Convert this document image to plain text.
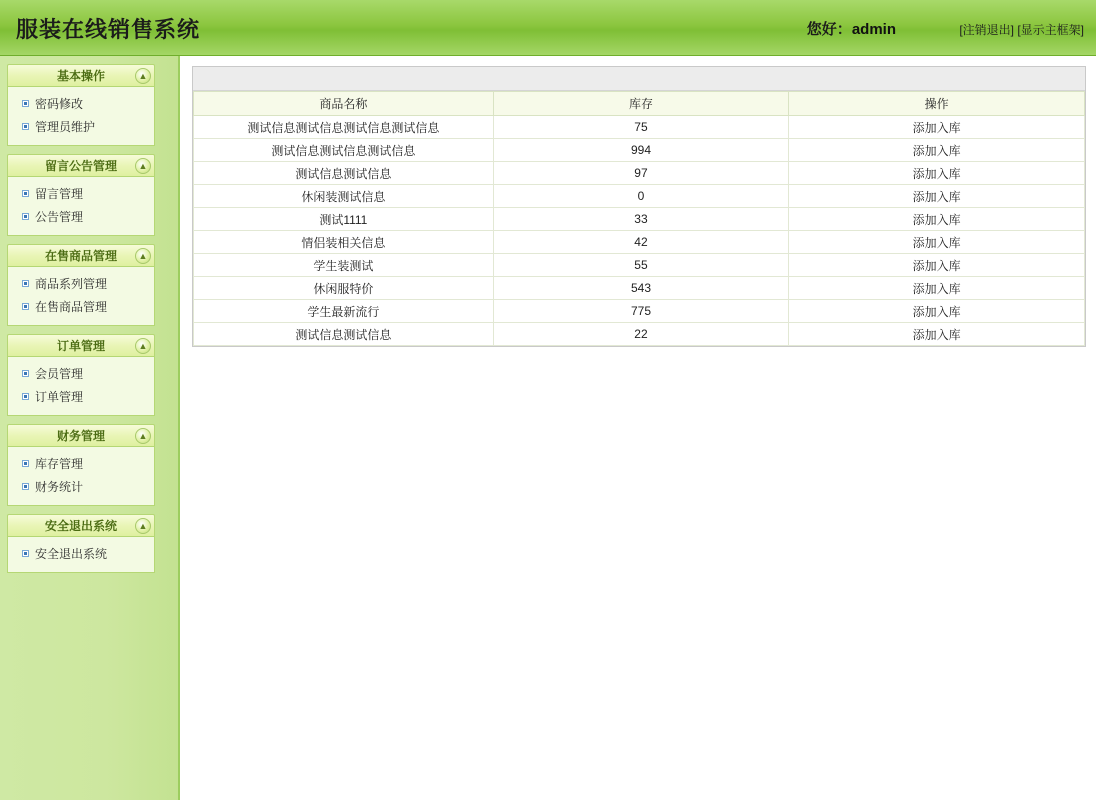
服装在线销售系统	您好：admin	[注销退出] [显示主框架]
基本操作	▲
密码修改
管理员维护
留言公告管理	▲
留言管理
公告管理
在售商品管理	▲
商品系列管理
在售商品管理
订单管理	▲
会员管理
订单管理
财务管理	▲
库存管理
财务统计
安全退出系统	▲
安全退出系统
商品名称	库存	操作
测试信息测试信息测试信息测试信息	75	添加入库
测试信息测试信息测试信息	994	添加入库
测试信息测试信息	97	添加入库
休闲装测试信息	0	添加入库
测试1111	33	添加入库
情侣装相关信息	42	添加入库
学生装测试	55	添加入库
休闲服特价	543	添加入库
学生最新流行	775	添加入库
测试信息测试信息	22	添加入库
